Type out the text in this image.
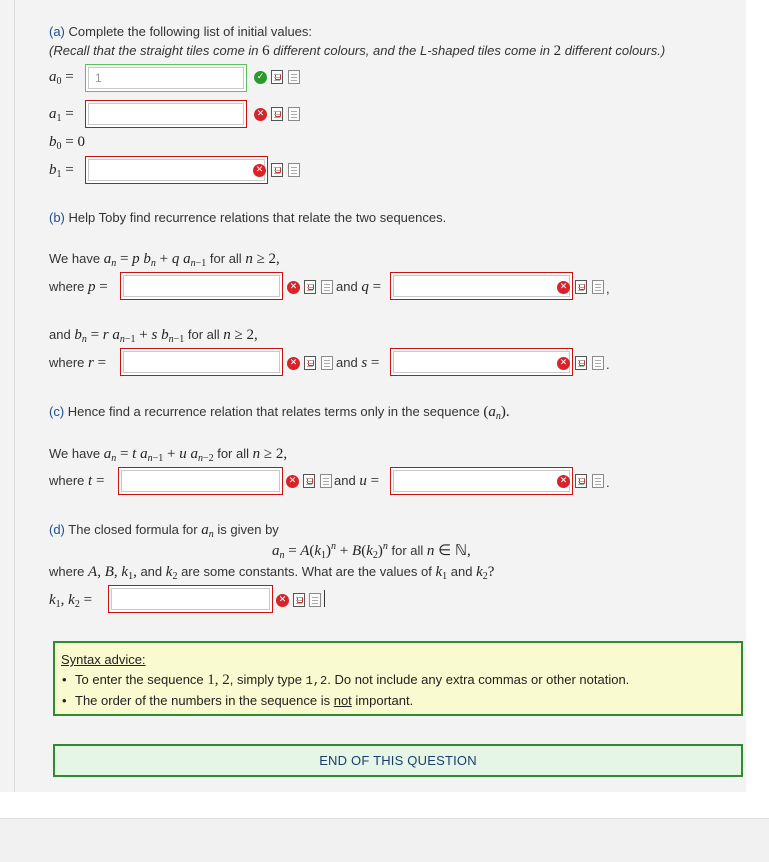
(a) Complete the following list of initial values:
(Recall that the straight tiles come in 6 different colours, and the L-shaped tiles come in 2 different colours.)
$a_0$ =
1	✓
$a_1$ =	✕
$b_0 = 0$
$b_1$ =	✕
(b) Help Toby find recurrence relations that relate the two sequences.
We have $a_n = p$ $b_n + q$ $a_{n-1}$ for all n ≥ 2,
where p =	✕	and q =	✕	,
and $b_n = r$ $a_{n-1} + s$ $b_{n-1}$ for all n ≥ 2,
where r =	✕	and s =	✕	.
(c) Hence find a recurrence relation that relates terms only in the sequence $(a_n)$.
We have $a_n = t$ $a_{n-1} + u$ $a_{n-2}$ for all n ≥ 2,
where t =	✕	and u =	✕	.
(d) The closed formula for $a_n$ is given by
$a_n = A(k_1)^n + B(k_2)^n$ for all n ∈ ℕ,
where A, B, $k_1$, and $k_2$ are some constants. What are the values of $k_1$ and $k_2$?
$k_1$, $k_2$ =	✕
Syntax advice:
• To enter the sequence 1, 2, simply type 1,2. Do not include any extra commas or other notation.
• The order of the numbers in the sequence is not important.
END OF THIS QUESTION
